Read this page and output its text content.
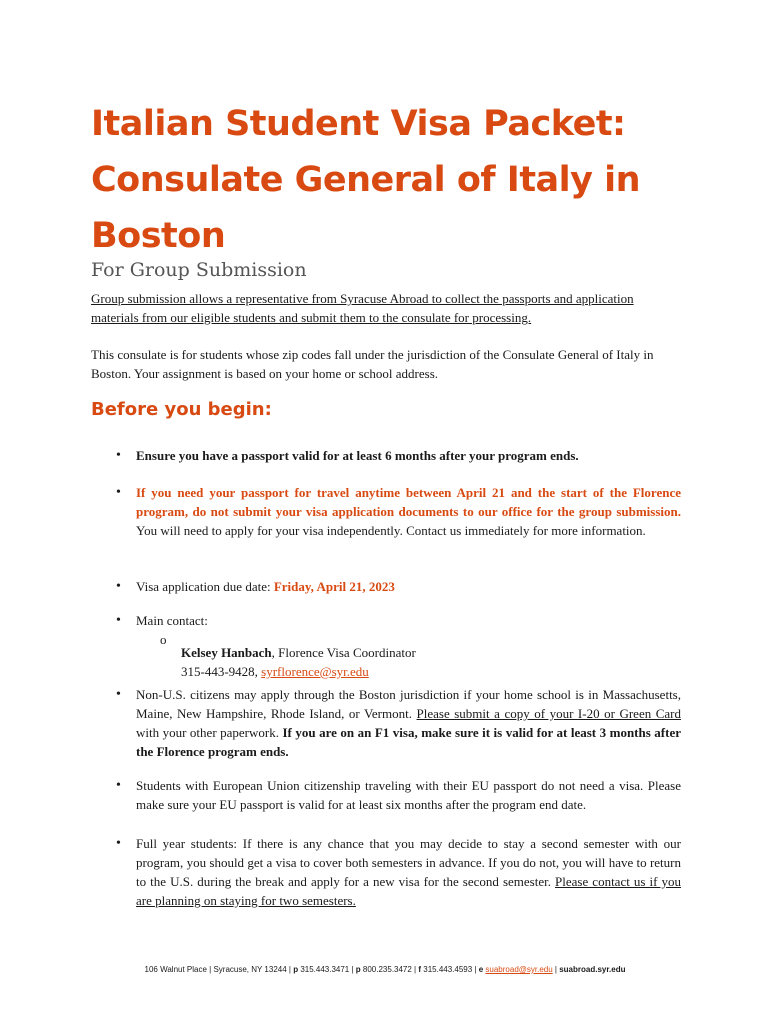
Italian Student Visa Packet: Consulate General of Italy in Boston
For Group Submission

Group submission allows a representative from Syracuse Abroad to collect the passports and application materials from our eligible students and submit them to the consulate for processing.

This consulate is for students whose zip codes fall under the jurisdiction of the Consulate General of Italy in Boston. Your assignment is based on your home or school address.

Before you begin:
• Ensure you have a passport valid for at least 6 months after your program ends.

• If you need your passport for travel anytime between April 21 and the start of the Florence program, do not submit your visa application documents to our office for the group submission. You will need to apply for your visa independently. Contact us immediately for more information.

• Visa application due date: Friday, April 21, 2023

• Main contact:

o

Kelsey Hanbach, Florence Visa Coordinator
315-443-9428, syrflorence@syr.edu

• Non-U.S. citizens may apply through the Boston jurisdiction if your home school is in Massachusetts, Maine, New Hampshire, Rhode Island, or Vermont. Please submit a copy of your I-20 or Green Card with your other paperwork. If you are on an F1 visa, make sure it is valid for at least 3 months after the Florence program ends.

• Students with European Union citizenship traveling with their EU passport do not need a visa. Please make sure your EU passport is valid for at least six months after the program end date.

• Full year students: If there is any chance that you may decide to stay a second semester with our program, you should get a visa to cover both semesters in advance. If you do not, you will have to return to the U.S. during the break and apply for a new visa for the second semester. Please contact us if you are planning on staying for two semesters.

106 Walnut Place | Syracuse, NY 13244 | p 315.443.3471 | p 800.235.3472 | f 315.443.4593 | e suabroad@syr.edu | suabroad.syr.edu
